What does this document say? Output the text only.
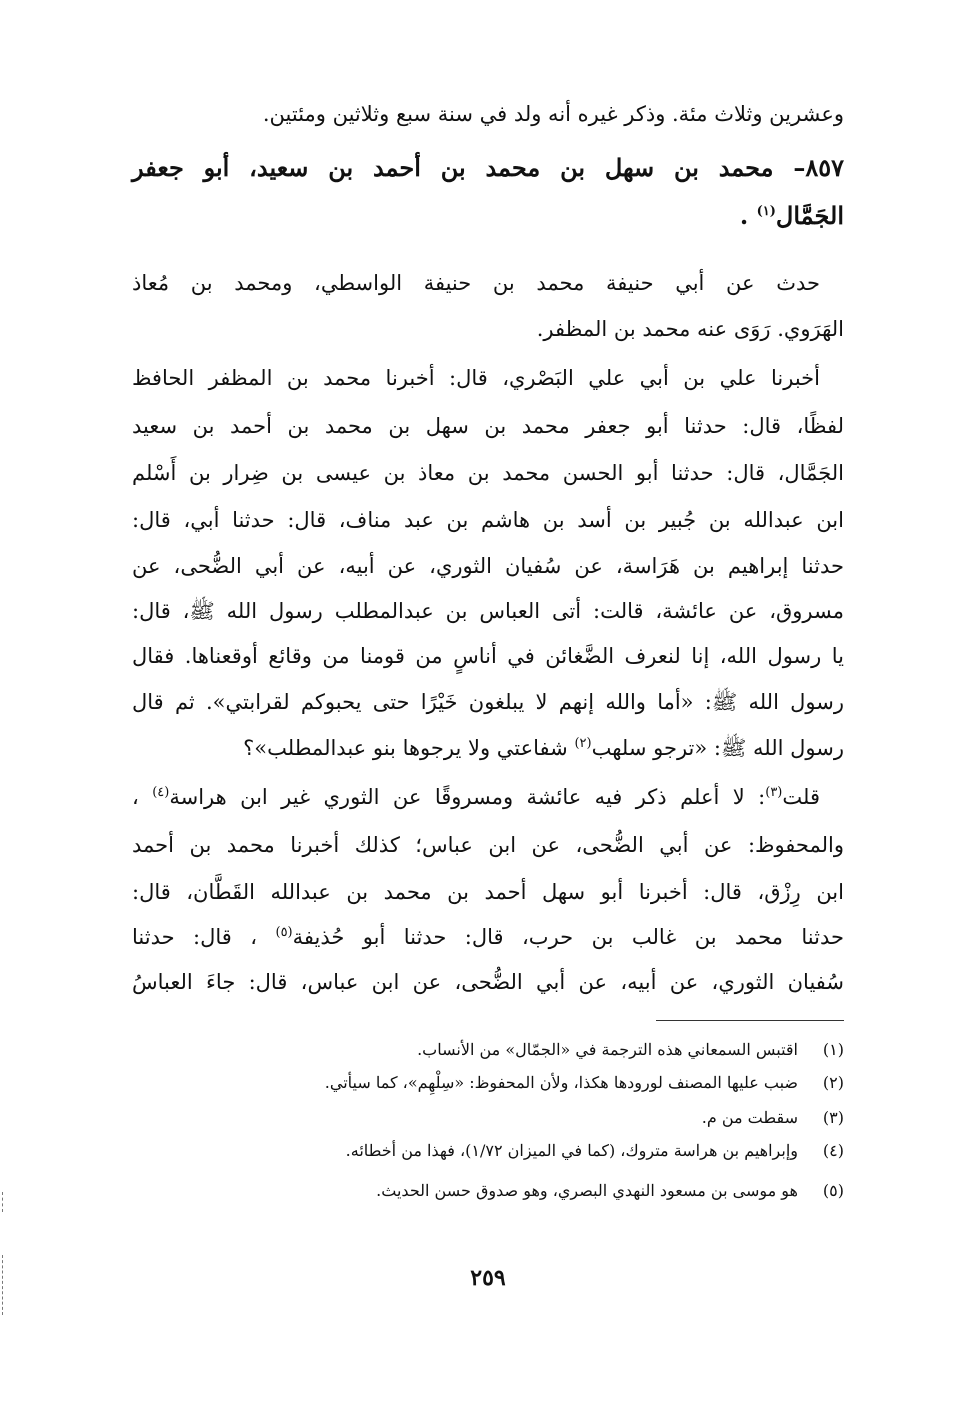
وعشرين وثلاث مئة. وذكر غيره أنه ولد في سنة سبع وثلاثين ومئتين.
٨٥٧– محمد بن سهل بن محمد بن أحمد بن سعيد، أبو جعفر
الجَمَّال$^{(١)}$ .
حدث عن أبي حنيفة محمد بن حنيفة الواسطي، ومحمد بن مُعاذ
الهَرَوي. رَوَى عنه محمد بن المظفر.
أخبرنا علي بن أبي علي البَصْري، قال: أخبرنا محمد بن المظفر الحافظ
لفظًا، قال: حدثنا أبو جعفر محمد بن سهل بن محمد بن أحمد بن سعيد
الجَمَّال، قال: حدثنا أبو الحسن محمد بن معاذ بن عيسى بن ضِرار بن أَسْلم
ابن عبدالله بن جُبير بن أسد بن هاشم بن عبد مناف، قال: حدثنا أبي، قال:
حدثنا إبراهيم بن هَرَاسة، عن سُفيان الثوري، عن أبيه، عن أبي الضُّحى، عن
مسروق، عن عائشة، قالت: أتى العباس بن عبدالمطلب رسول الله ﷺ، قال:
يا رسول الله، إنا لنعرف الضَّغائن في أناسٍ من قومنا من وقائع أوقعناها. فقال
رسول الله ﷺ: «أما والله إنهم لا يبلغون خَيْرًا حتى يحبوكم لقرابتي». ثم قال
رسول الله ﷺ: «ترجو سلهب$^{(٢)}$ شفاعتي ولا يرجوها بنو عبدالمطلب»؟
قلت$^{(٣)}$: لا أعلم ذكر فيه عائشة ومسروقًا عن الثوري غير ابن هراسة$^{(٤)}$ ،
والمحفوظ: عن أبي الضُّحى، عن ابن عباس؛ كذلك أخبرنا محمد بن أحمد
ابن رِزْق، قال: أخبرنا أبو سهل أحمد بن محمد بن عبدالله القَطَّان، قال:
حدثنا محمد بن غالب بن حرب، قال: حدثنا أبو حُذيفة$^{(٥)}$ ، قال: حدثنا
سُفيان الثوري، عن أبيه، عن أبي الضُّحى، عن ابن عباس، قال: جاءَ العباسُ
(١)اقتبس السمعاني هذه الترجمة في «الجمّال» من الأنساب.
(٢)ضبب عليها المصنف لورودها هكذا، ولأن المحفوظ: «سِلْهِم»، كما سيأتي.
(٣)سقطت من م.
(٤)وإبراهيم بن هراسة متروك، (كما في الميزان ١/٧٢)، فهذا من أخطائه.
(٥)هو موسى بن مسعود النهدي البصري، وهو صدوق حسن الحديث.
٢٥٩
